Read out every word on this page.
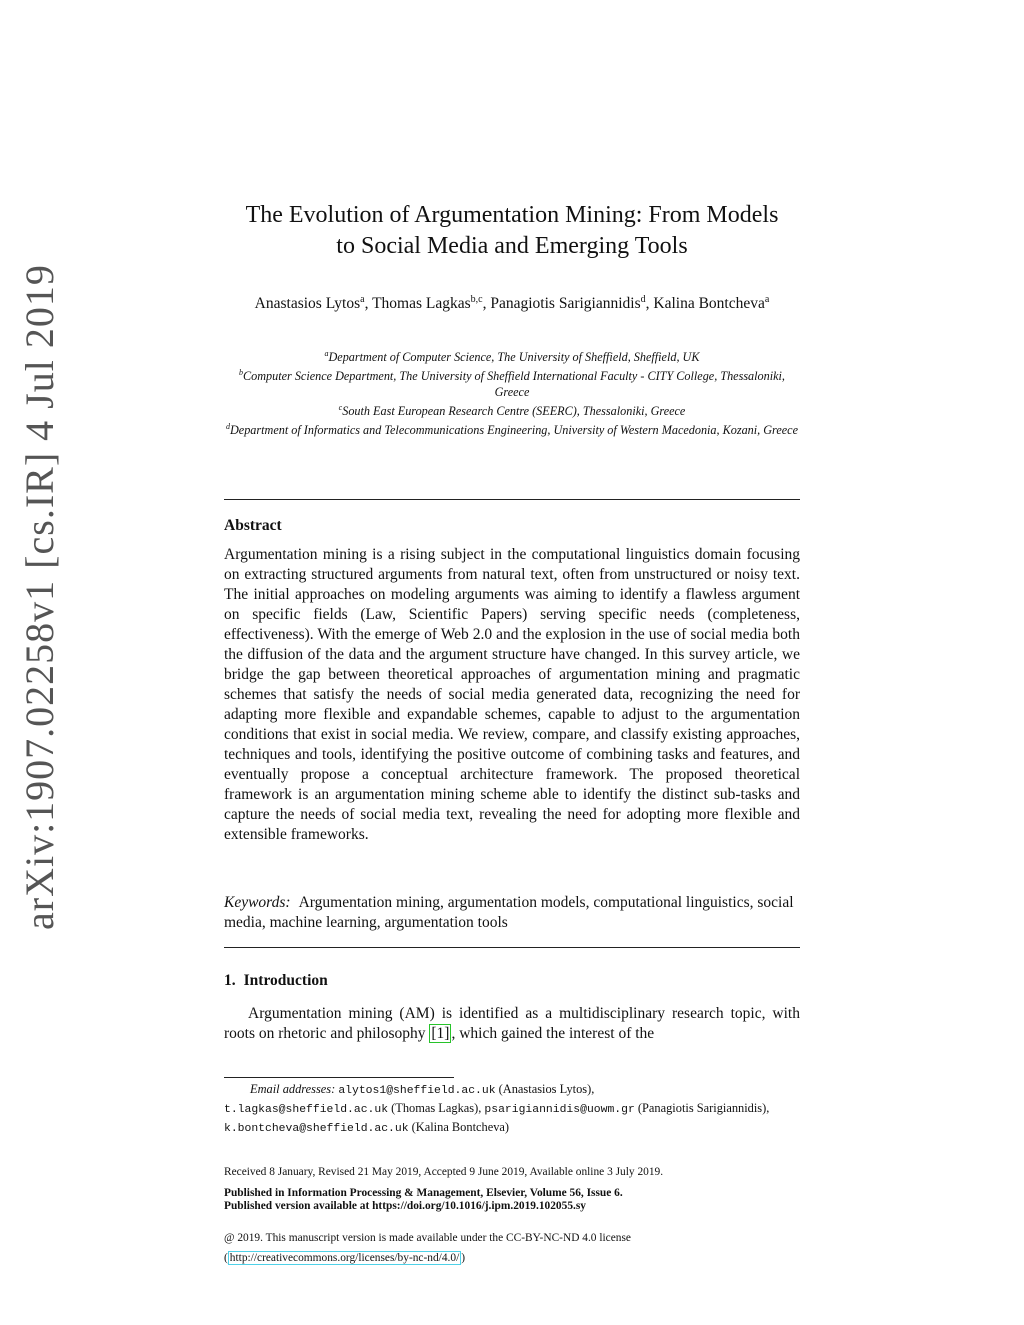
arXiv:1907.02258v1 [cs.IR] 4 Jul 2019
The Evolution of Argumentation Mining: From Models
to Social Media and Emerging Tools
Anastasios Lytos$^a$, Thomas Lagkas$^{b,c}$, Panagiotis Sarigiannidis$^d$, Kalina Bontcheva$^a$
$^a$Department of Computer Science, The University of Sheffield, Sheffield, UK
$^b$Computer Science Department, The University of Sheffield International Faculty - CITY College, Thessaloniki, Greece
$^c$South East European Research Centre (SEERC), Thessaloniki, Greece
$^d$Department of Informatics and Telecommunications Engineering, University of Western Macedonia, Kozani, Greece
Abstract
Argumentation mining is a rising subject in the computational linguistics domain focusing on extracting structured arguments from natural text, often from unstructured or noisy text. The initial approaches on modeling arguments was aiming to identify a flawless argument on specific fields (Law, Scientific Papers) serving specific needs (completeness, effectiveness). With the emerge of Web 2.0 and the explosion in the use of social media both the diffusion of the data and the argument structure have changed. In this survey article, we bridge the gap between theoretical approaches of argumentation mining and pragmatic schemes that satisfy the needs of social media generated data, recognizing the need for adapting more flexible and expandable schemes, capable to adjust to the argumentation conditions that exist in social media. We review, compare, and classify existing approaches, techniques and tools, identifying the positive outcome of combining tasks and features, and eventually propose a conceptual architecture framework. The proposed theoretical framework is an argumentation mining scheme able to identify the distinct sub-tasks and capture the needs of social media text, revealing the need for adopting more flexible and extensible frameworks.
Keywords: Argumentation mining, argumentation models, computational linguistics, social media, machine learning, argumentation tools
1. Introduction
Argumentation mining (AM) is identified as a multidisciplinary research topic, with roots on rhetoric and philosophy [1] , which gained the interest of the
Email addresses: alytos1@sheffield.ac.uk (Anastasios Lytos),
t.lagkas@sheffield.ac.uk (Thomas Lagkas), psarigiannidis@uowm.gr (Panagiotis Sarigiannidis), k.bontcheva@sheffield.ac.uk (Kalina Bontcheva)
Received 8 January, Revised 21 May 2019, Accepted 9 June 2019, Available online 3 July 2019.
Published in Information Processing & Management, Elsevier, Volume 56, Issue 6.
Published version available at https://doi.org/10.1016/j.ipm.2019.102055.sy
@ 2019. This manuscript version is made available under the CC-BY-NC-ND 4.0 license
( http://creativecommons.org/licenses/by-nc-nd/4.0/ )
